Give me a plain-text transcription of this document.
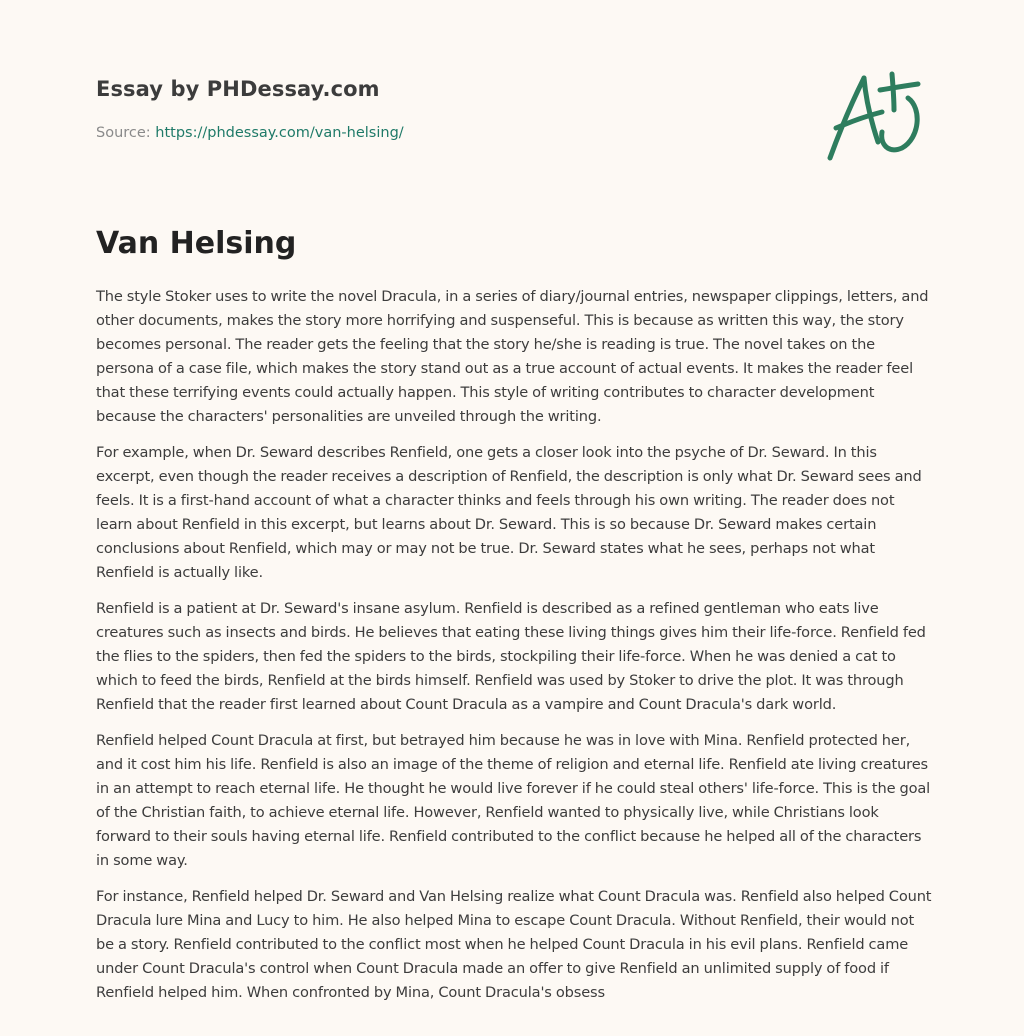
Essay by PHDessay.com
Source: https://phdessay.com/van-helsing/
Van Helsing

The style Stoker uses to write the novel Dracula, in a series of diary/journal entries, newspaper clippings, letters, and other documents, makes the story more horrifying and suspenseful. This is because as written this way, the story becomes personal. The reader gets the feeling that the story he/she is reading is true. The novel takes on the persona of a case file, which makes the story stand out as a true account of actual events. It makes the reader feel that these terrifying events could actually happen. This style of writing contributes to character development because the characters' personalities are unveiled through the writing.

For example, when Dr. Seward describes Renfield, one gets a closer look into the psyche of Dr. Seward. In this excerpt, even though the reader receives a description of Renfield, the description is only what Dr. Seward sees and feels. It is a first-hand account of what a character thinks and feels through his own writing. The reader does not learn about Renfield in this excerpt, but learns about Dr. Seward. This is so because Dr. Seward makes certain conclusions about Renfield, which may or may not be true. Dr. Seward states what he sees, perhaps not what Renfield is actually like.

Renfield is a patient at Dr. Seward's insane asylum. Renfield is described as a refined gentleman who eats live creatures such as insects and birds. He believes that eating these living things gives him their life-force. Renfield fed the flies to the spiders, then fed the spiders to the birds, stockpiling their life-force. When he was denied a cat to which to feed the birds, Renfield at the birds himself. Renfield was used by Stoker to drive the plot. It was through Renfield that the reader first learned about Count Dracula as a vampire and Count Dracula's dark world.

Renfield helped Count Dracula at first, but betrayed him because he was in love with Mina. Renfield protected her, and it cost him his life. Renfield is also an image of the theme of religion and eternal life. Renfield ate living creatures in an attempt to reach eternal life. He thought he would live forever if he could steal others' life-force. This is the goal of the Christian faith, to achieve eternal life. However, Renfield wanted to physically live, while Christians look forward to their souls having eternal life. Renfield contributed to the conflict because he helped all of the characters in some way.

For instance, Renfield helped Dr. Seward and Van Helsing realize what Count Dracula was. Renfield also helped Count Dracula lure Mina and Lucy to him. He also helped Mina to escape Count Dracula. Without Renfield, their would not be a story. Renfield contributed to the conflict most when he helped Count Dracula in his evil plans. Renfield came under Count Dracula's control when Count Dracula made an offer to give Renfield an unlimited supply of food if Renfield helped him. When confronted by Mina, Count Dracula's obsess
